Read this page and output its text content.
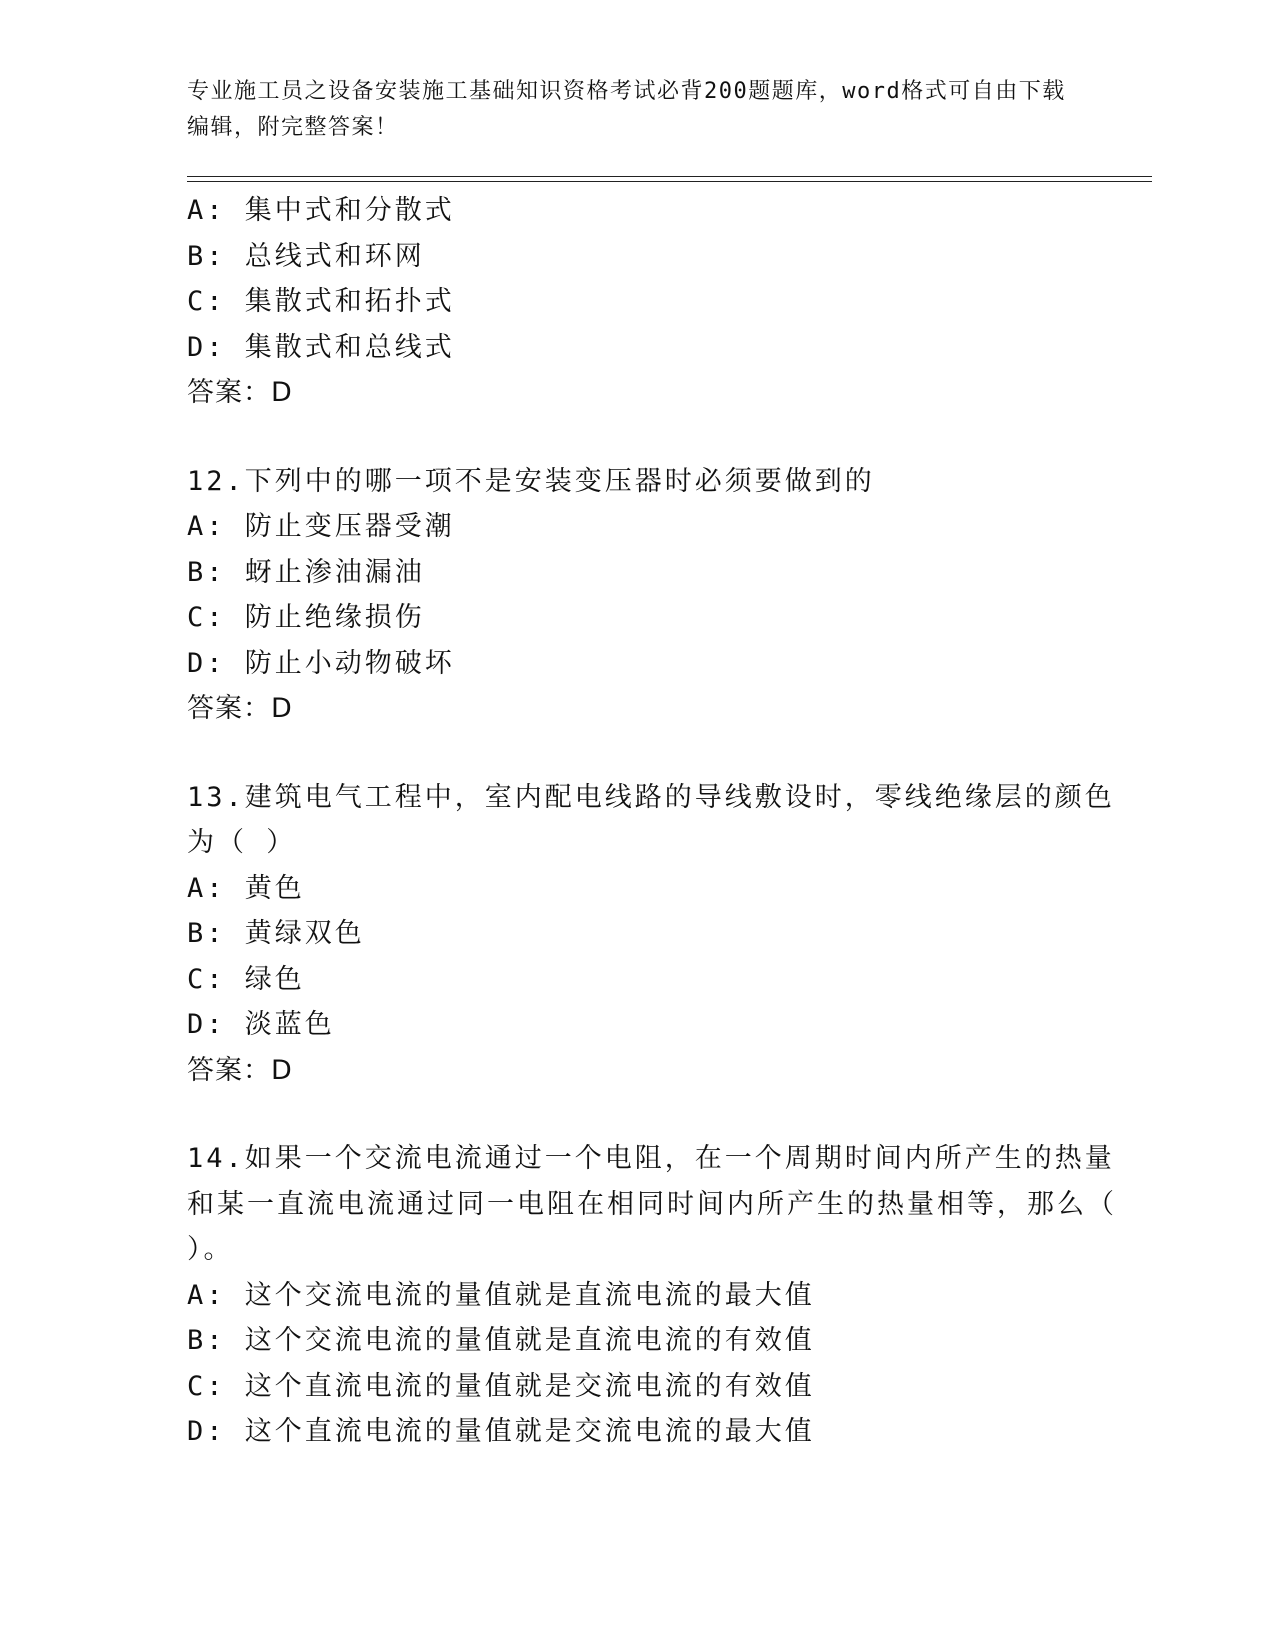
专业施工员之设备安装施工基础知识资格考试必背200题题库，word格式可自由下载编辑，附完整答案！
A: 集中式和分散式
B: 总线式和环网
C: 集散式和拓扑式
D: 集散式和总线式
答案：D
12.下列中的哪一项不是安装变压器时必须要做到的
A: 防止变压器受潮
B: 蚜止渗油漏油
C: 防止绝缘损伤
D: 防止小动物破坏
答案：D
13.建筑电气工程中，室内配电线路的导线敷设时，零线绝缘层的颜色为（ ）
A: 黄色
B: 黄绿双色
C: 绿色
D: 淡蓝色
答案：D
14.如果一个交流电流通过一个电阻，在一个周期时间内所产生的热量和某一直流电流通过同一电阻在相同时间内所产生的热量相等，那么（ ）。
A: 这个交流电流的量值就是直流电流的最大值
B: 这个交流电流的量值就是直流电流的有效值
C: 这个直流电流的量值就是交流电流的有效值
D: 这个直流电流的量值就是交流电流的最大值
